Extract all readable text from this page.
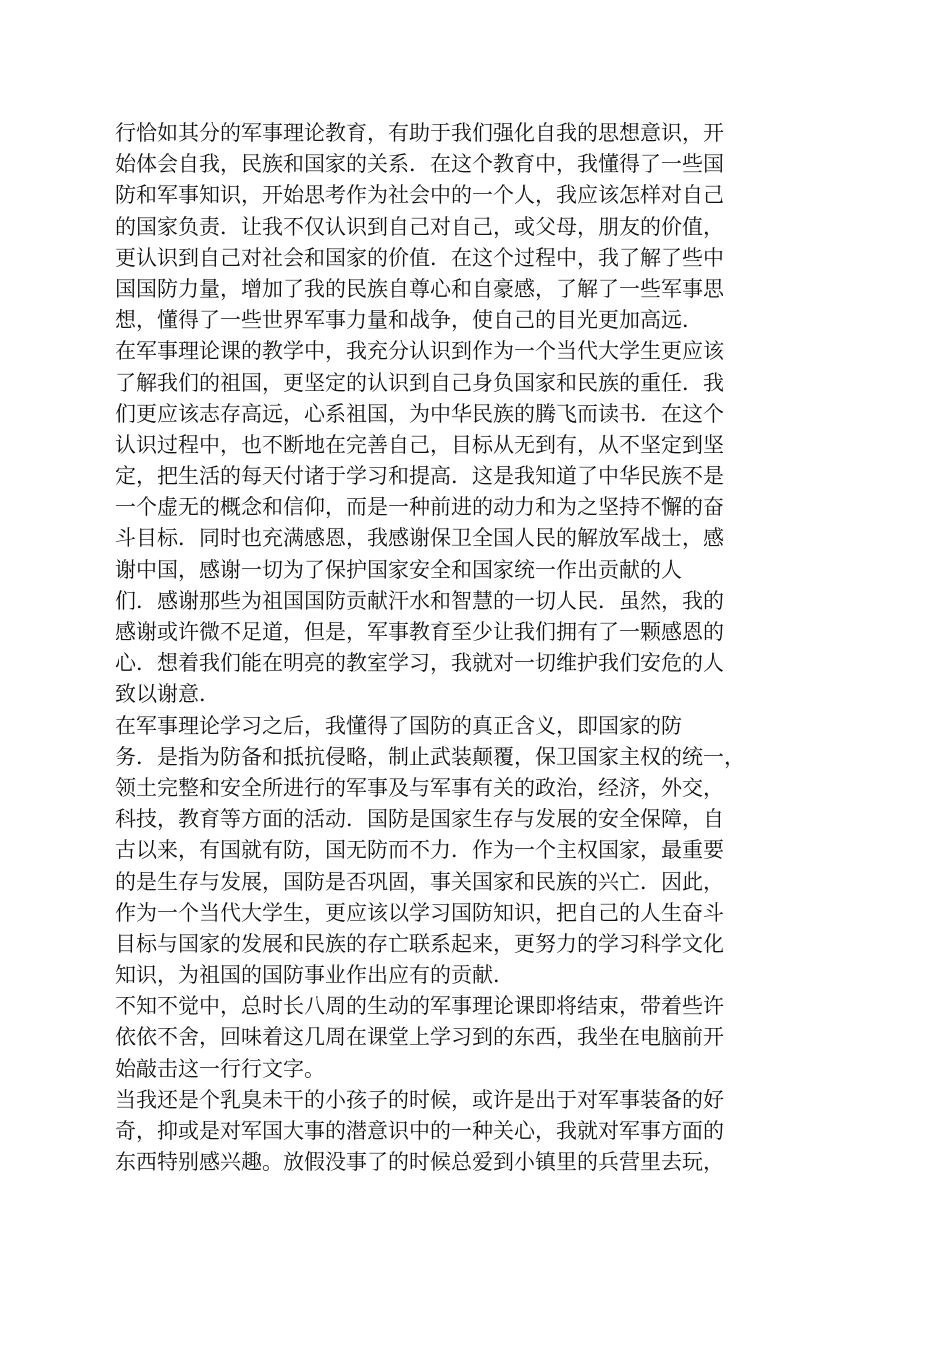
行恰如其分的军事理论教育，有助于我们强化自我的思想意识，开
始体会自我，民族和国家的关系．在这个教育中，我懂得了一些国
防和军事知识，开始思考作为社会中的一个人，我应该怎样对自己
的国家负责．让我不仅认识到自己对自己，或父母，朋友的价值，
更认识到自己对社会和国家的价值．在这个过程中，我了解了些中
国国防力量，增加了我的民族自尊心和自豪感，了解了一些军事思
想，懂得了一些世界军事力量和战争，使自己的目光更加高远．
在军事理论课的教学中，我充分认识到作为一个当代大学生更应该
了解我们的祖国，更坚定的认识到自己身负国家和民族的重任．我
们更应该志存高远，心系祖国，为中华民族的腾飞而读书．在这个
认识过程中，也不断地在完善自己，目标从无到有，从不坚定到坚
定，把生活的每天付诸于学习和提高．这是我知道了中华民族不是
一个虚无的概念和信仰，而是一种前进的动力和为之坚持不懈的奋
斗目标．同时也充满感恩，我感谢保卫全国人民的解放军战士，感
谢中国，感谢一切为了保护国家安全和国家统一作出贡献的人
们．感谢那些为祖国国防贡献汗水和智慧的一切人民．虽然，我的
感谢或许微不足道，但是，军事教育至少让我们拥有了一颗感恩的
心．想着我们能在明亮的教室学习，我就对一切维护我们安危的人
致以谢意．
在军事理论学习之后，我懂得了国防的真正含义，即国家的防
务．是指为防备和抵抗侵略，制止武装颠覆，保卫国家主权的统一，
领土完整和安全所进行的军事及与军事有关的政治，经济，外交，
科技，教育等方面的活动．国防是国家生存与发展的安全保障，自
古以来，有国就有防，国无防而不力．作为一个主权国家，最重要
的是生存与发展，国防是否巩固，事关国家和民族的兴亡．因此，
作为一个当代大学生，更应该以学习国防知识，把自己的人生奋斗
目标与国家的发展和民族的存亡联系起来，更努力的学习科学文化
知识，为祖国的国防事业作出应有的贡献．
不知不觉中，总时长八周的生动的军事理论课即将结束，带着些许
依依不舍，回味着这几周在课堂上学习到的东西，我坐在电脑前开
始敲击这一行行文字。
当我还是个乳臭未干的小孩子的时候，或许是出于对军事装备的好
奇，抑或是对军国大事的潜意识中的一种关心，我就对军事方面的
东西特别感兴趣。放假没事了的时候总爱到小镇里的兵营里去玩，
